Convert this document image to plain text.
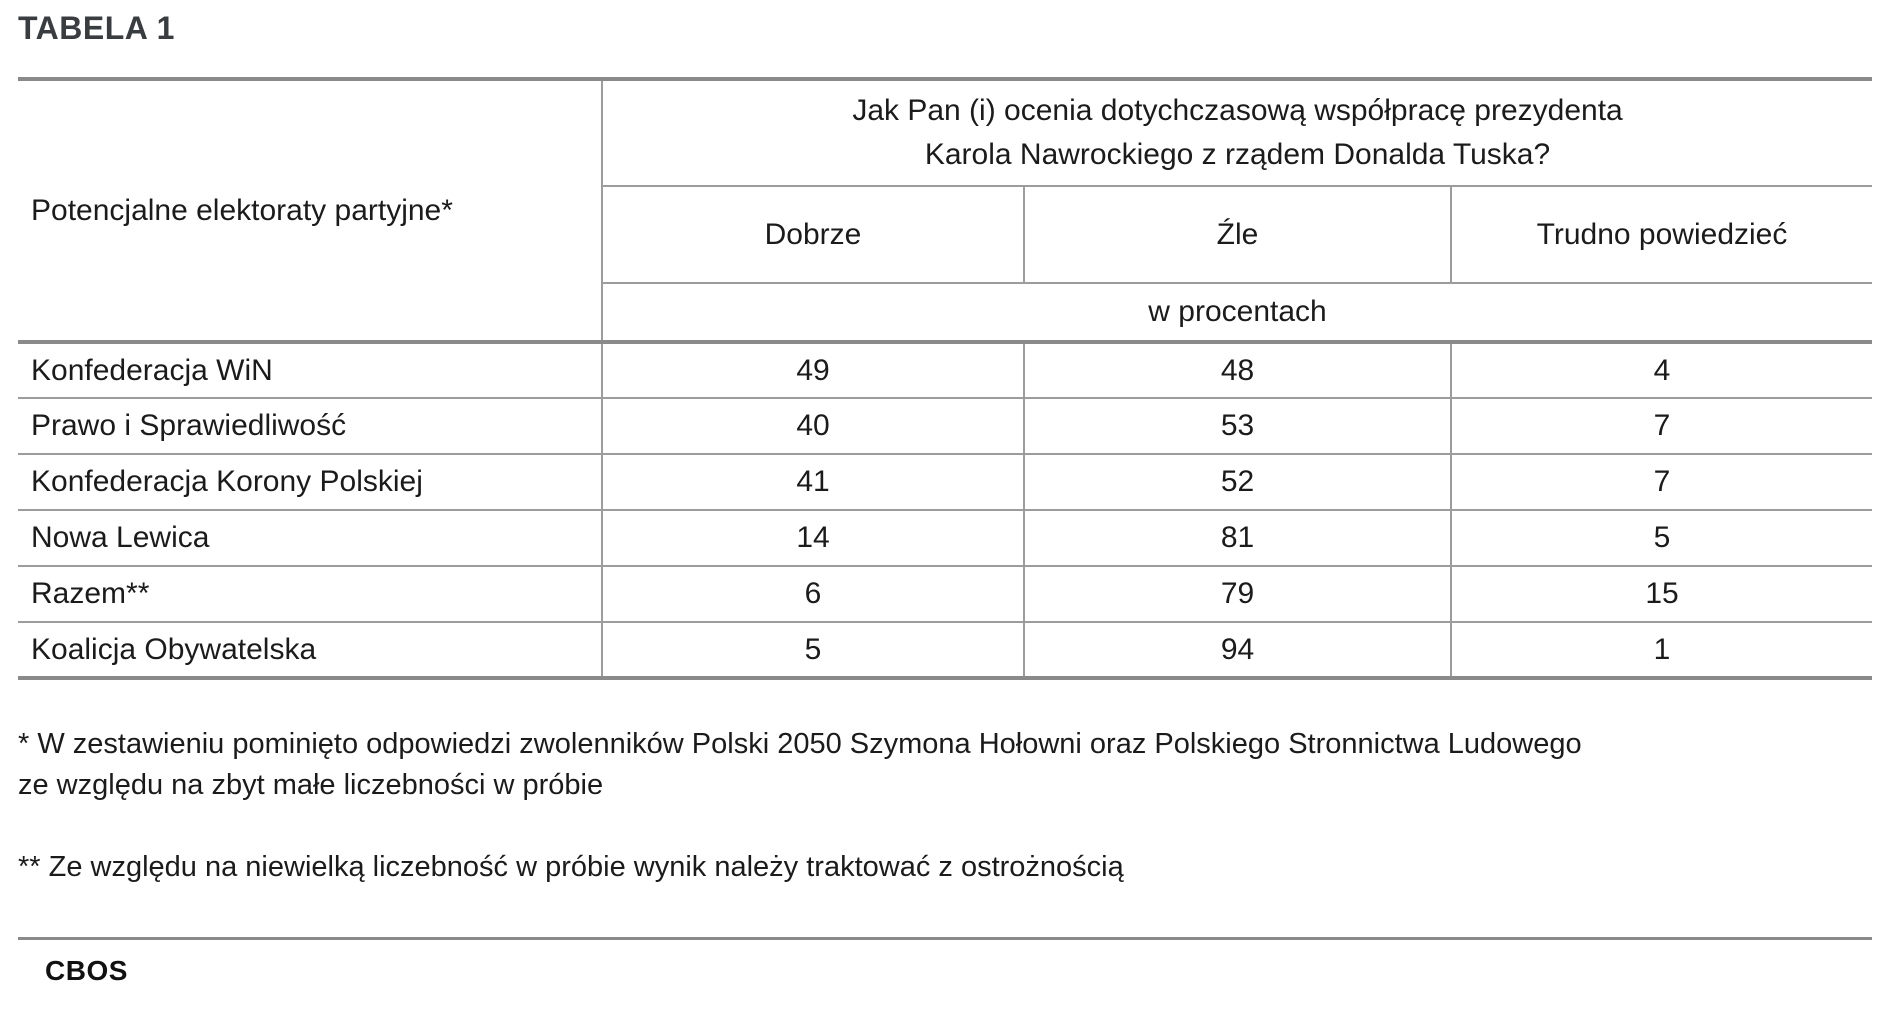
TABELA 1
Potencjalne elektoraty partyjne*	Jak Pan (i) ocenia dotychczasową współpracę prezydenta
Karola Nawrockiego z rządem Donalda Tuska?		

	Dobrze	Źle	Trudno powiedzieć
	w procentach		
Konfederacja WiN	49	48	4
Prawo i Sprawiedliwość	40	53	7
Konfederacja Korony Polskiej	41	52	7
Nowa Lewica	14	81	5
Razem**	6	79	15
Koalicja Obywatelska	5	94	1

* W zestawieniu pominięto odpowiedzi zwolenników Polski 2050 Szymona Hołowni oraz Polskiego Stronnictwa Ludowego
ze względu na zbyt małe liczebności w próbie

** Ze względu na niewielką liczebność w próbie wynik należy traktować z ostrożnością

CBOS
